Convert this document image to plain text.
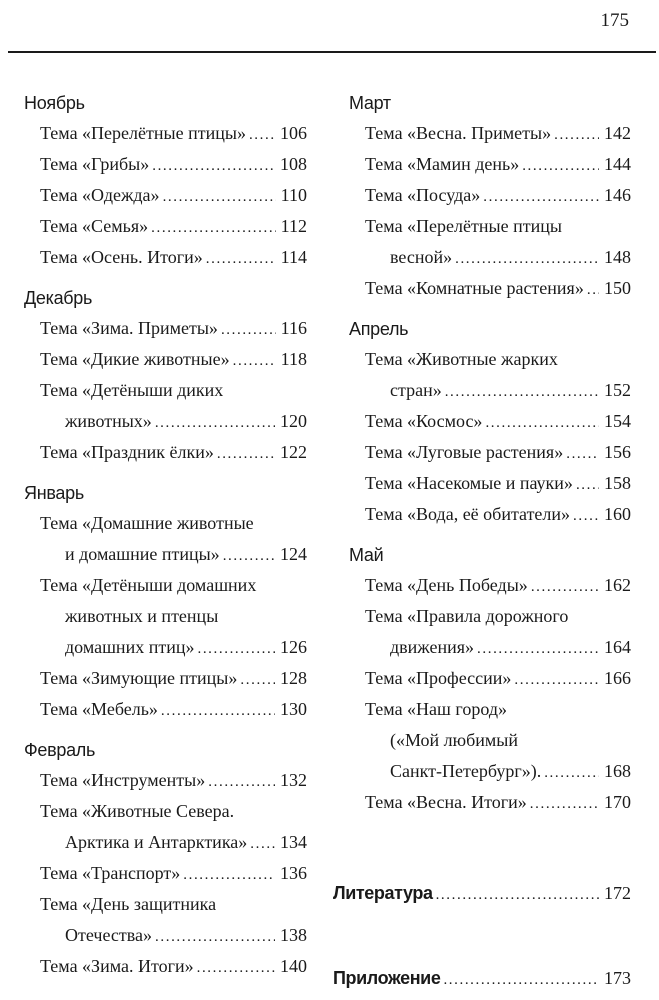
175
Ноябрь
Тема «Перелётные птицы» ..... 106
Тема «Грибы» .....	108
Тема «Одежда» .....	110
Тема «Семья» .....	112
Тема «Осень. Итоги» .....	114
Декабрь
Тема «Зима. Приметы» .....	116
Тема «Дикие животные» .....	118
Тема «Детёныши диких
животных» .....	120
Тема «Праздник ёлки» .....	122
Январь
Тема «Домашние животные
и домашние птицы» .....	124
Тема «Детёныши домашних
животных и птенцы
домашних птиц» .....	126
Тема «Зимующие птицы» ..... 128
Тема «Мебель» .....	130
Февраль
Тема «Инструменты» .....	132
Тема «Животные Севера.
Арктика и Антарктика» ..... 134
Тема «Транспорт» .....	136
Тема «День защитника
Отечества» .....	138
Тема «Зима. Итоги» .....	140
Март
Тема «Весна. Приметы» .....	142
Тема «Мамин день» .....	144
Тема «Посуда» .....	146
Тема «Перелётные птицы
весной» .....	148
Тема «Комнатные растения» ..... 150
Апрель
Тема «Животные жарких
стран» .....	152
Тема «Космос» .....	154
Тема «Луговые растения» ..... 156
Тема «Насекомые и пауки» ..... 158
Тема «Вода, её обитатели» ..... 160
Май
Тема «День Победы» .....	162
Тема «Правила дорожного
движения» .....	164
Тема «Профессии» .....	166
Тема «Наш город»
(«Мой любимый
Санкт-Петербург»). .....	168
Тема «Весна. Итоги» .....	170
Литература .....	172
Приложение .....	173
